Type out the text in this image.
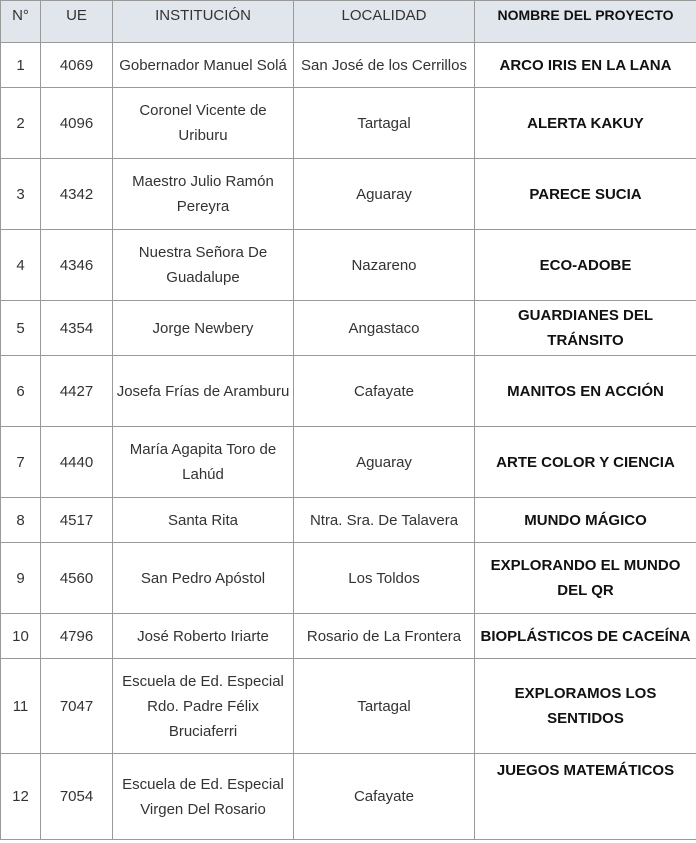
N°	UE	INSTITUCIÓN	LOCALIDAD	NOMBRE DEL PROYECTO
1	4069	Gobernador Manuel Solá	San José de los Cerrillos	ARCO IRIS EN LA LANA
2	4096	Coronel Vicente de Uriburu	Tartagal	ALERTA KAKUY
3	4342	Maestro Julio Ramón Pereyra	Aguaray	PARECE SUCIA
4	4346	Nuestra Señora De Guadalupe	Nazareno	ECO-ADOBE
5	4354	Jorge Newbery	Angastaco	GUARDIANES DEL TRÁNSITO
6	4427	Josefa Frías de Aramburu	Cafayate	MANITOS EN ACCIÓN
7	4440	María Agapita Toro de Lahúd	Aguaray	ARTE COLOR Y CIENCIA
8	4517	Santa Rita	Ntra. Sra. De Talavera	MUNDO MÁGICO
9	4560	San Pedro Apóstol	Los Toldos	EXPLORANDO EL MUNDO DEL QR
10	4796	José Roberto Iriarte	Rosario de La Frontera	BIOPLÁSTICOS DE CACEÍNA
11	7047	Escuela de Ed. Especial Rdo. Padre Félix Bruciaferri	Tartagal	EXPLORAMOS LOS SENTIDOS
12	7054	Escuela de Ed. Especial Virgen Del Rosario	Cafayate	JUEGOS MATEMÁTICOS
